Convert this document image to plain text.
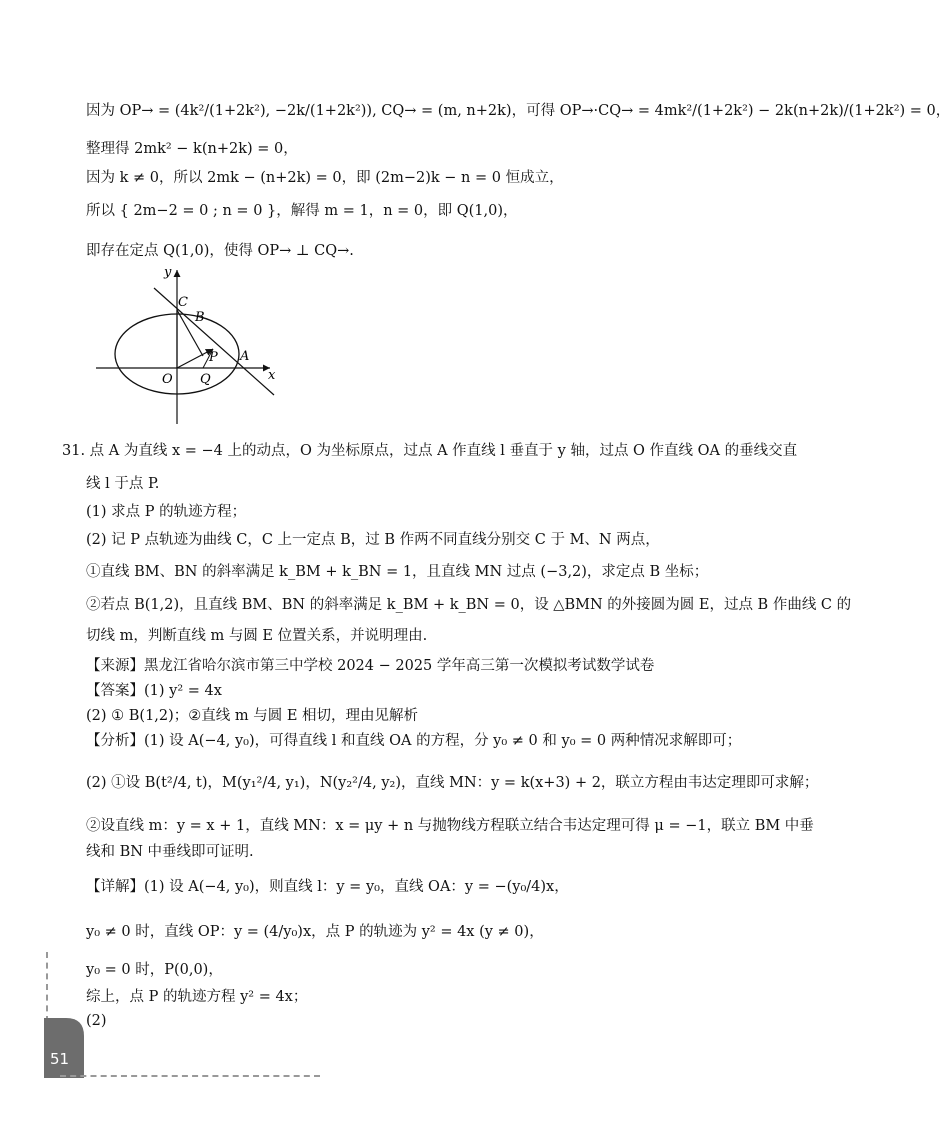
因为 OP→ = (4k²/(1+2k²), −2k/(1+2k²)), CQ→ = (m, n+2k)，可得 OP→·CQ→ = 4mk²/(1+2k²) − 2k(n+2k)/(1+2k²) = 0，
整理得 2mk² − k(n+2k) = 0，
因为 k ≠ 0，所以 2mk − (n+2k) = 0，即 (2m−2)k − n = 0 恒成立，
所以 { 2m−2 = 0 ; n = 0 }，解得 m = 1，n = 0，即 Q(1,0)，
即存在定点 Q(1,0)，使得 OP→ ⊥ CQ→.
y
x
C
B
P A
O Q
31. 点 A 为直线 x = −4 上的动点，O 为坐标原点，过点 A 作直线 l 垂直于 y 轴，过点 O 作直线 OA 的垂线交直
线 l 于点 P.
(1) 求点 P 的轨迹方程；
(2) 记 P 点轨迹为曲线 C，C 上一定点 B，过 B 作两不同直线分别交 C 于 M、N 两点，
①直线 BM、BN 的斜率满足 k_BM + k_BN = 1，且直线 MN 过点 (−3,2)，求定点 B 坐标；
②若点 B(1,2)，且直线 BM、BN 的斜率满足 k_BM + k_BN = 0，设 △BMN 的外接圆为圆 E，过点 B 作曲线 C 的
切线 m，判断直线 m 与圆 E 位置关系，并说明理由.
【来源】黑龙江省哈尔滨市第三中学校 2024 − 2025 学年高三第一次模拟考试数学试卷
【答案】(1) y² = 4x
(2) ① B(1,2)；②直线 m 与圆 E 相切，理由见解析
【分析】(1) 设 A(−4, y₀)，可得直线 l 和直线 OA 的方程，分 y₀ ≠ 0 和 y₀ = 0 两种情况求解即可；
(2) ①设 B(t²/4, t)，M(y₁²/4, y₁)，N(y₂²/4, y₂)，直线 MN：y = k(x+3) + 2，联立方程由韦达定理即可求解；
②设直线 m：y = x + 1，直线 MN：x = μy + n 与抛物线方程联立结合韦达定理可得 μ = −1，联立 BM 中垂
线和 BN 中垂线即可证明.
【详解】(1) 设 A(−4, y₀)，则直线 l：y = y₀，直线 OA：y = −(y₀/4)x，
y₀ ≠ 0 时，直线 OP：y = (4/y₀)x，点 P 的轨迹为 y² = 4x (y ≠ 0)，
y₀ = 0 时，P(0,0)，
综上，点 P 的轨迹方程 y² = 4x；
(2)
51
